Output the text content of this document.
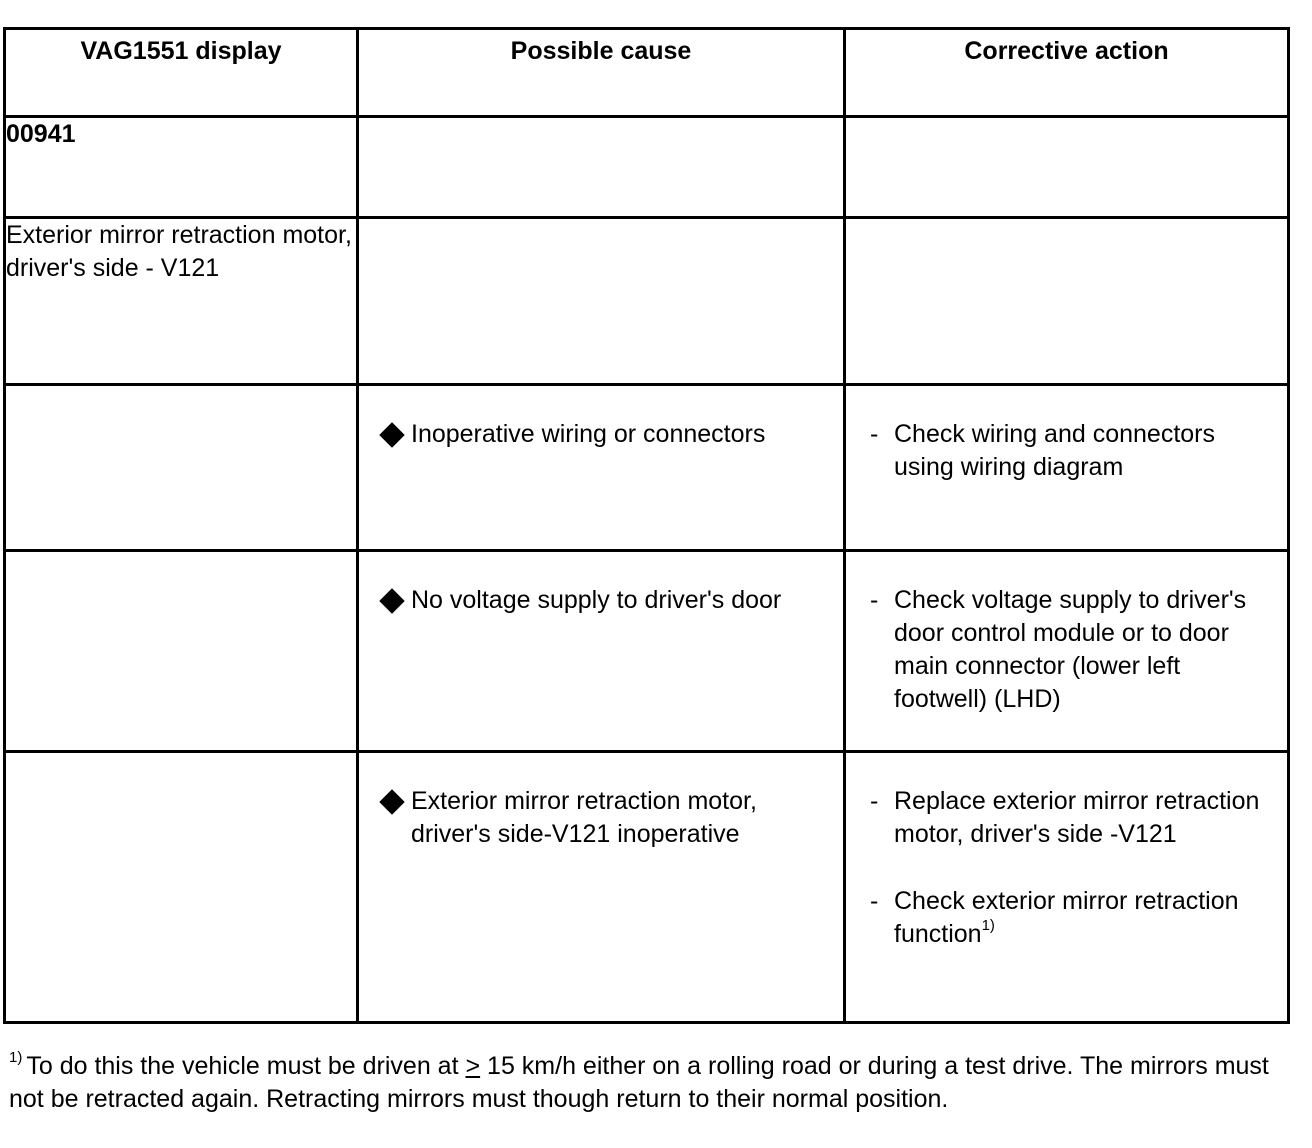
VAG1551 display	Possible cause	Corrective action

00941		
Exterior mirror retraction motor, driver's side - V121		

	Inoperative wiring or connectors	- Check wiring and connectors using wiring diagram

	No voltage supply to driver's door	- Check voltage supply to driver's door control module or to door main connector (lower left footwell) (LHD)

	Exterior mirror retraction motor, driver's side-V121 inoperative	- Replace exterior mirror retraction motor, driver's side -V121
- Check exterior mirror retraction function$^{1)}$
$^{1)}$ To do this the vehicle must be driven at ≥ 15 km/h either on a rolling road or during a test drive. The mirrors must not be retracted again. Retracting mirrors must though return to their normal position.
